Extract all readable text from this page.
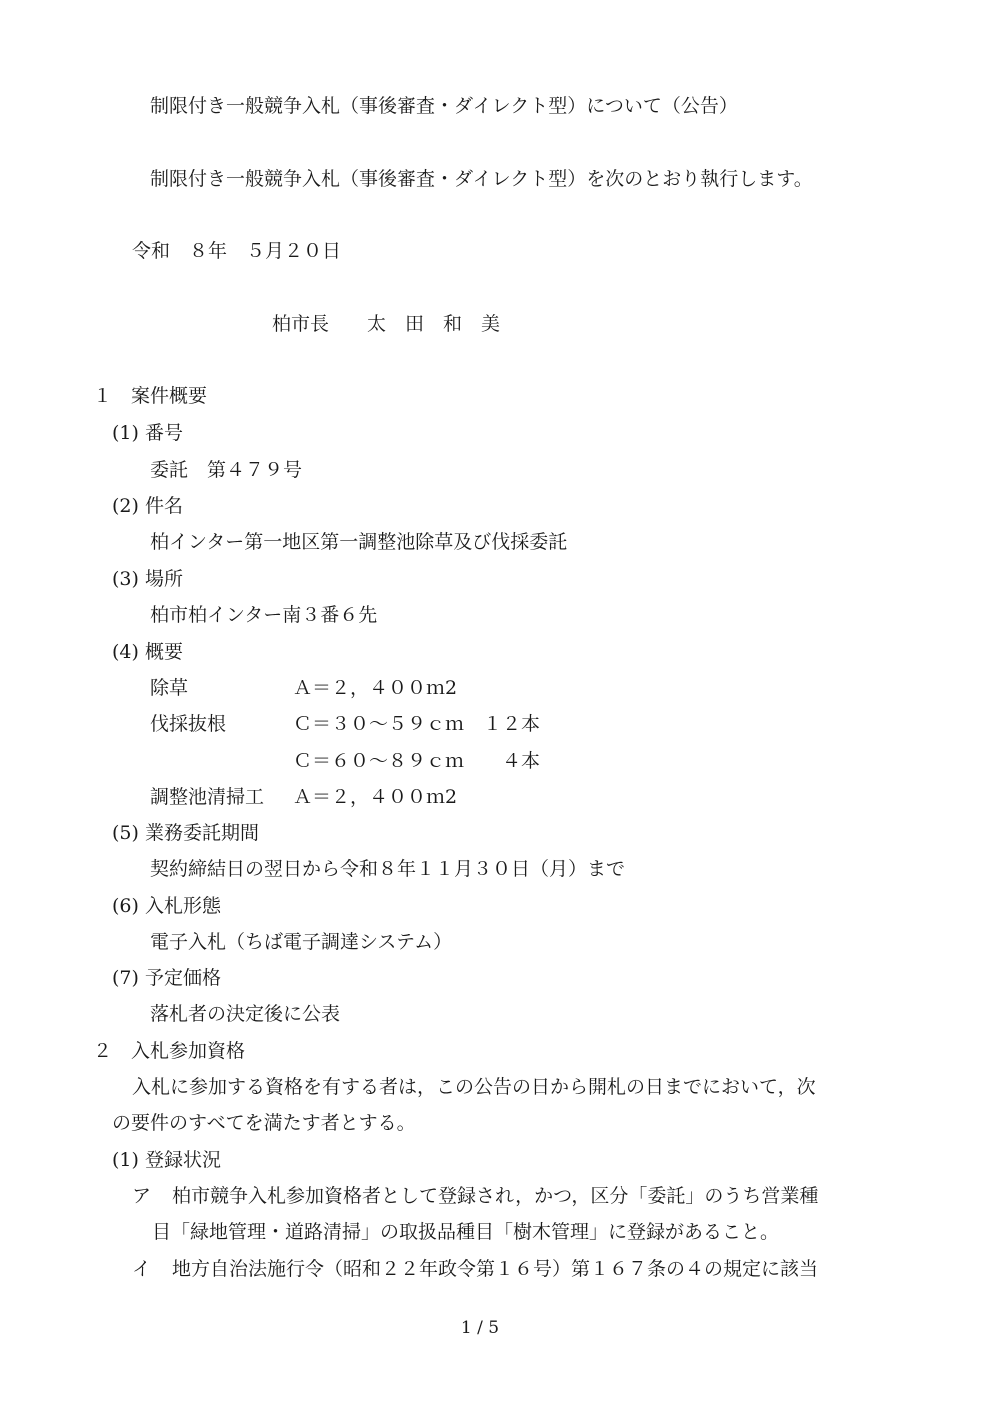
制限付き一般競争入札（事後審査・ダイレクト型）について（公告）
制限付き一般競争入札（事後審査・ダイレクト型）を次のとおり執行します。
令和　８年　５月２０日
柏市長　　太　田　和　美
１　案件概要
(1) 番号
委託　第４７９号
(2) 件名
柏インター第一地区第一調整池除草及び伐採委託
(3) 場所
柏市柏インター南３番６先
(4) 概要
除草	Ａ＝２，４００ｍ2
伐採抜根	Ｃ＝３０～５９ｃｍ　１２本
Ｃ＝６０～８９ｃｍ　　４本
調整池清掃工 Ａ＝２，４００ｍ2
(5) 業務委託期間
契約締結日の翌日から令和８年１１月３０日（月）まで
(6) 入札形態
電子入札（ちば電子調達システム）
(7) 予定価格
落札者の決定後に公表
２　入札参加資格
入札に参加する資格を有する者は，この公告の日から開札の日までにおいて，次
の要件のすべてを満たす者とする。
(1) 登録状況
ア 柏市競争入札参加資格者として登録され，かつ，区分「委託」のうち営業種
目「緑地管理・道路清掃」の取扱品種目「樹木管理」に登録があること。
イ 地方自治法施行令（昭和２２年政令第１６号）第１６７条の４の規定に該当
1 / 5
